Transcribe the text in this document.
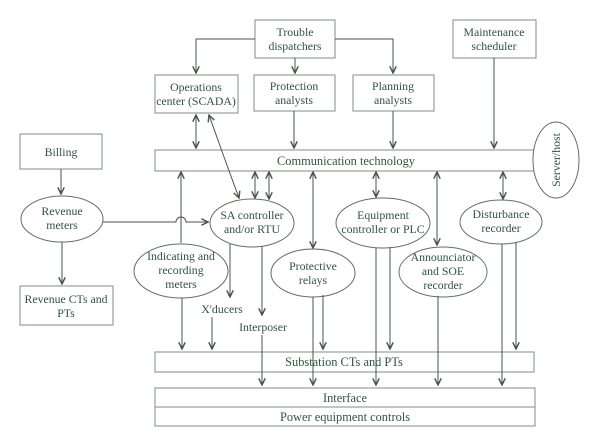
Trouble
dispatchers
Maintenance
scheduler
Operations
center (SCADA)
Protection
analysts
Planning
analysts
Billing
Communication technology	Server/host
Revenue
meters
SA controller
and/or RTU
Indicating and
recording
meters
Protective
relays
Equipment
controller or PLC
Announciator
and SOE
recorder
Disturbance
recorder
Revenue CTs and
PTs	X'ducers
Interposer
Substation CTs and PTs
Interface
Power equipment controls
